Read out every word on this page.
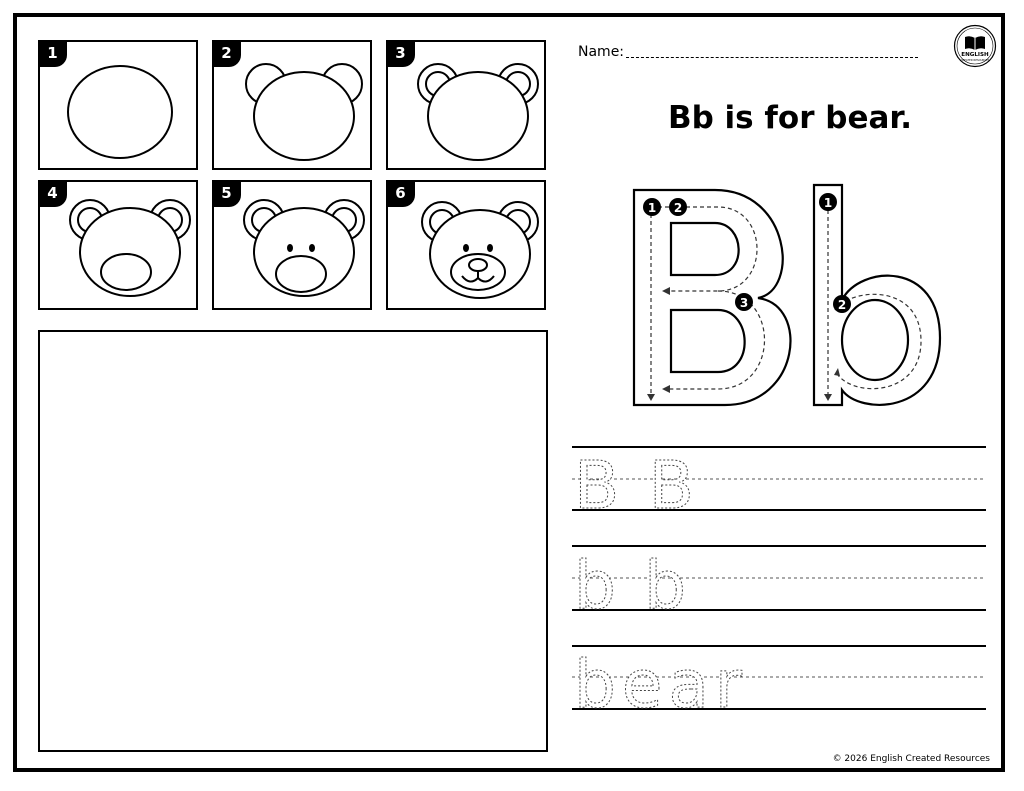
1	2	3
4	5	6
Name:	ENGLISH
CREATED RESOURCES
Bb is for bear.
1 2
3
1
2
B B
b b
bear
© 2026 English Created Resources
